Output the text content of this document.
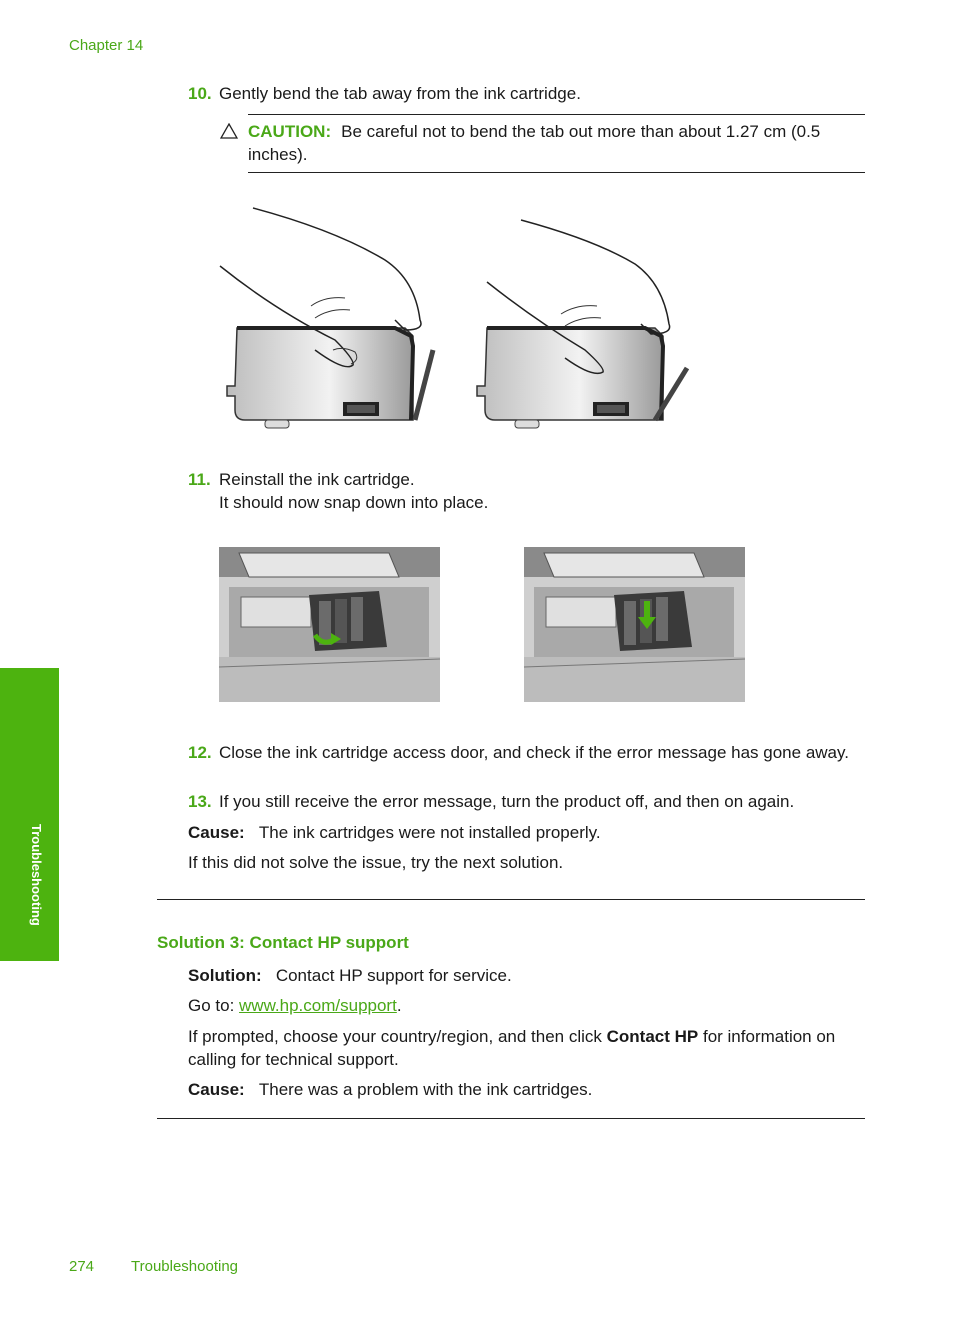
Chapter 14
10. Gently bend the tab away from the ink cartridge.

CAUTION: Be careful not to bend the tab out more than about 1.27 cm (0.5 inches).
11. Reinstall the ink cartridge.

It should now snap down into place.

12. Close the ink cartridge access door, and check if the error message has gone away.

13. If you still receive the error message, turn the product off, and then on again.

Cause: The ink cartridges were not installed properly.
If this did not solve the issue, try the next solution.
Solution 3: Contact HP support
Solution: Contact HP support for service.
Go to: www.hp.com/support.
If prompted, choose your country/region, and then click Contact HP for information on calling for technical support.
Cause: There was a problem with the ink cartridges.
Troubleshooting
274 Troubleshooting
